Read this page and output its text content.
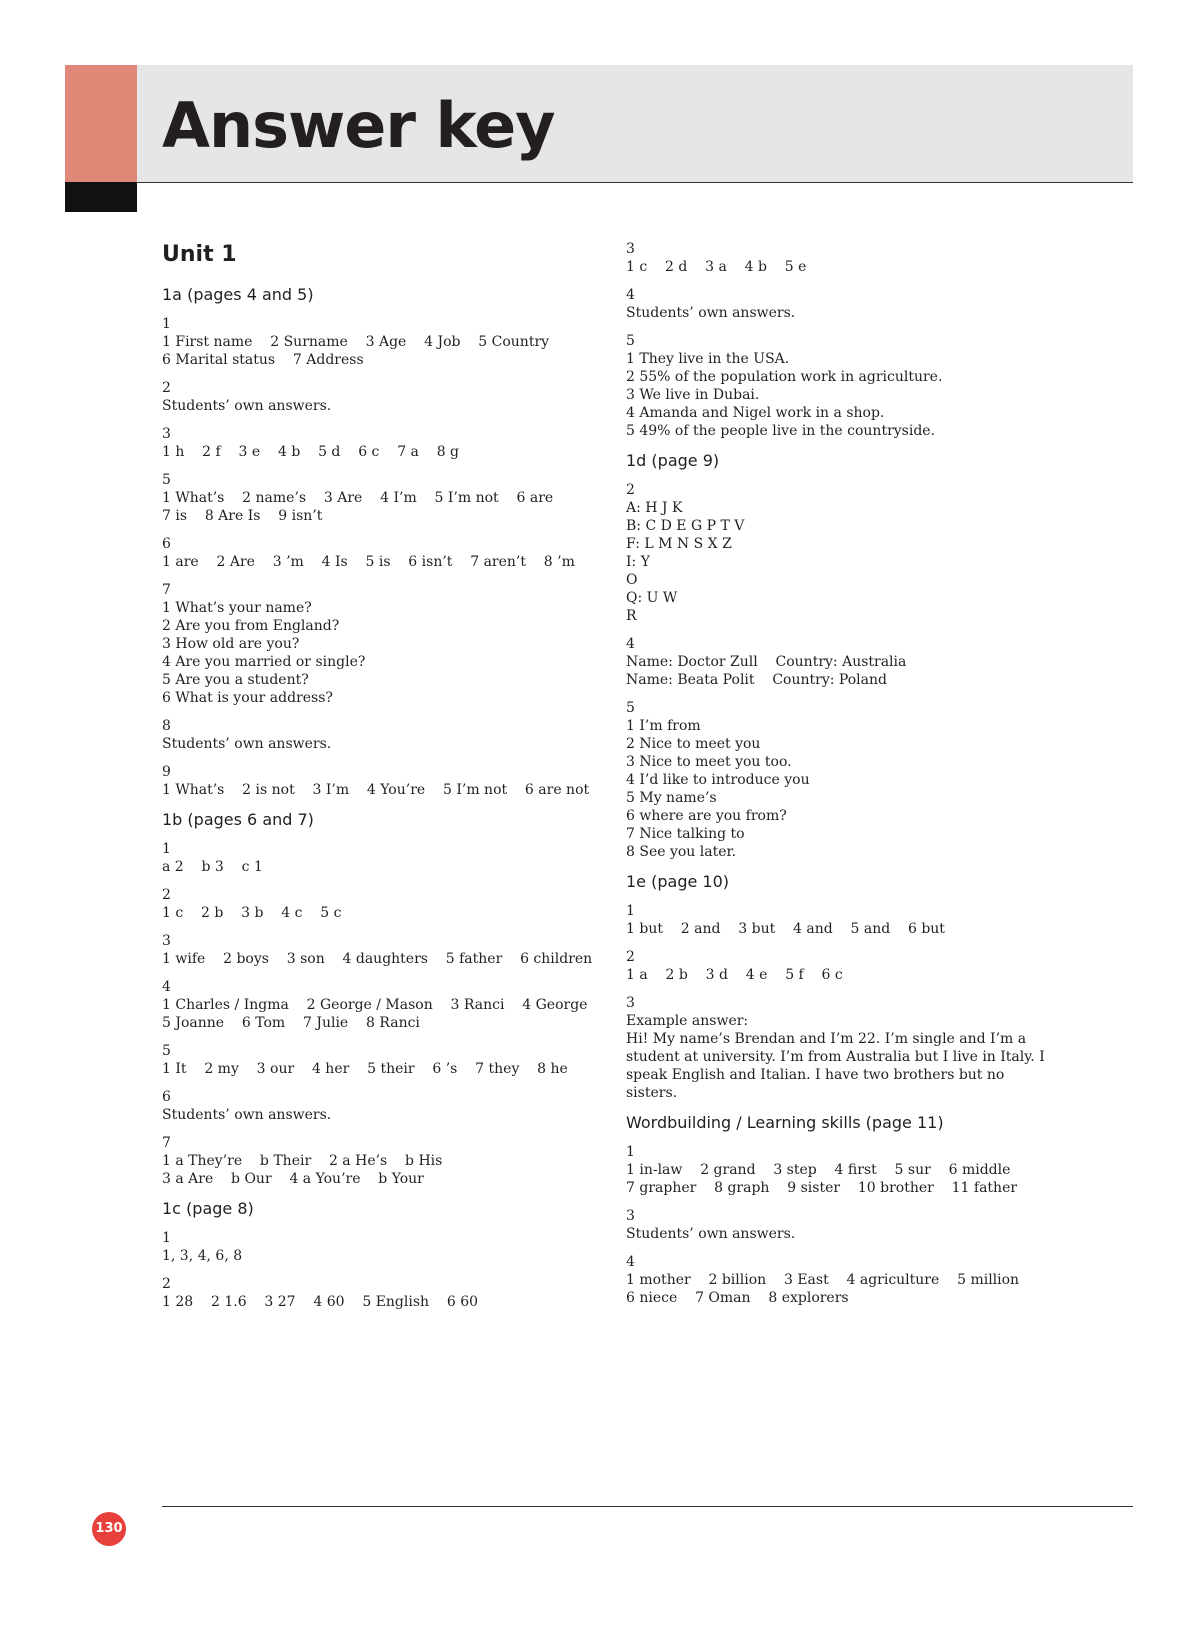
Answer key
Unit 1
1a (pages 4 and 5)
1
1 First name    2 Surname    3 Age    4 Job    5 Country
6 Marital status    7 Address
2
Students’ own answers.
3
1 h    2 f    3 e    4 b    5 d    6 c    7 a    8 g
5
1 What’s    2 name’s    3 Are    4 I’m    5 I’m not    6 are
7 is    8 Are Is    9 isn’t
6
1 are    2 Are    3 ’m    4 Is    5 is    6 isn’t    7 aren’t    8 ’m
7
1 What’s your name?
2 Are you from England?
3 How old are you?
4 Are you married or single?
5 Are you a student?
6 What is your address?
8
Students’ own answers.
9
1 What’s    2 is not    3 I’m    4 You’re    5 I’m not    6 are not
1b (pages 6 and 7)
1
a 2    b 3    c 1
2
1 c    2 b    3 b    4 c    5 c
3
1 wife    2 boys    3 son    4 daughters    5 father    6 children
4
1 Charles / Ingma    2 George / Mason    3 Ranci    4 George
5 Joanne    6 Tom    7 Julie    8 Ranci
5
1 It    2 my    3 our    4 her    5 their    6 ’s    7 they    8 he
6
Students’ own answers.
7
1 a They’re    b Their    2 a He’s    b His
3 a Are    b Our    4 a You’re    b Your
1c (page 8)
1
1, 3, 4, 6, 8
2
1 28    2 1.6    3 27    4 60    5 English    6 60
3
1 c    2 d    3 a    4 b    5 e
4
Students’ own answers.
5
1 They live in the USA.
2 55% of the population work in agriculture.
3 We live in Dubai.
4 Amanda and Nigel work in a shop.
5 49% of the people live in the countryside.
1d (page 9)
2
A: H J K
B: C D E G P T V
F: L M N S X Z
I: Y
O
Q: U W
R
4
Name: Doctor Zull    Country: Australia
Name: Beata Polit    Country: Poland
5
1 I’m from
2 Nice to meet you
3 Nice to meet you too.
4 I’d like to introduce you
5 My name’s
6 where are you from?
7 Nice talking to
8 See you later.
1e (page 10)
1
1 but    2 and    3 but    4 and    5 and    6 but
2
1 a    2 b    3 d    4 e    5 f    6 c
3
Example answer:
Hi! My name’s Brendan and I’m 22. I’m single and I’m a student at university. I’m from Australia but I live in Italy. I speak English and Italian. I have two brothers but no sisters.
Wordbuilding / Learning skills (page 11)
1
1 in-law    2 grand    3 step    4 first    5 sur    6 middle
7 grapher    8 graph    9 sister    10 brother    11 father
3
Students’ own answers.
4
1 mother    2 billion    3 East    4 agriculture    5 million
6 niece    7 Oman    8 explorers
130
